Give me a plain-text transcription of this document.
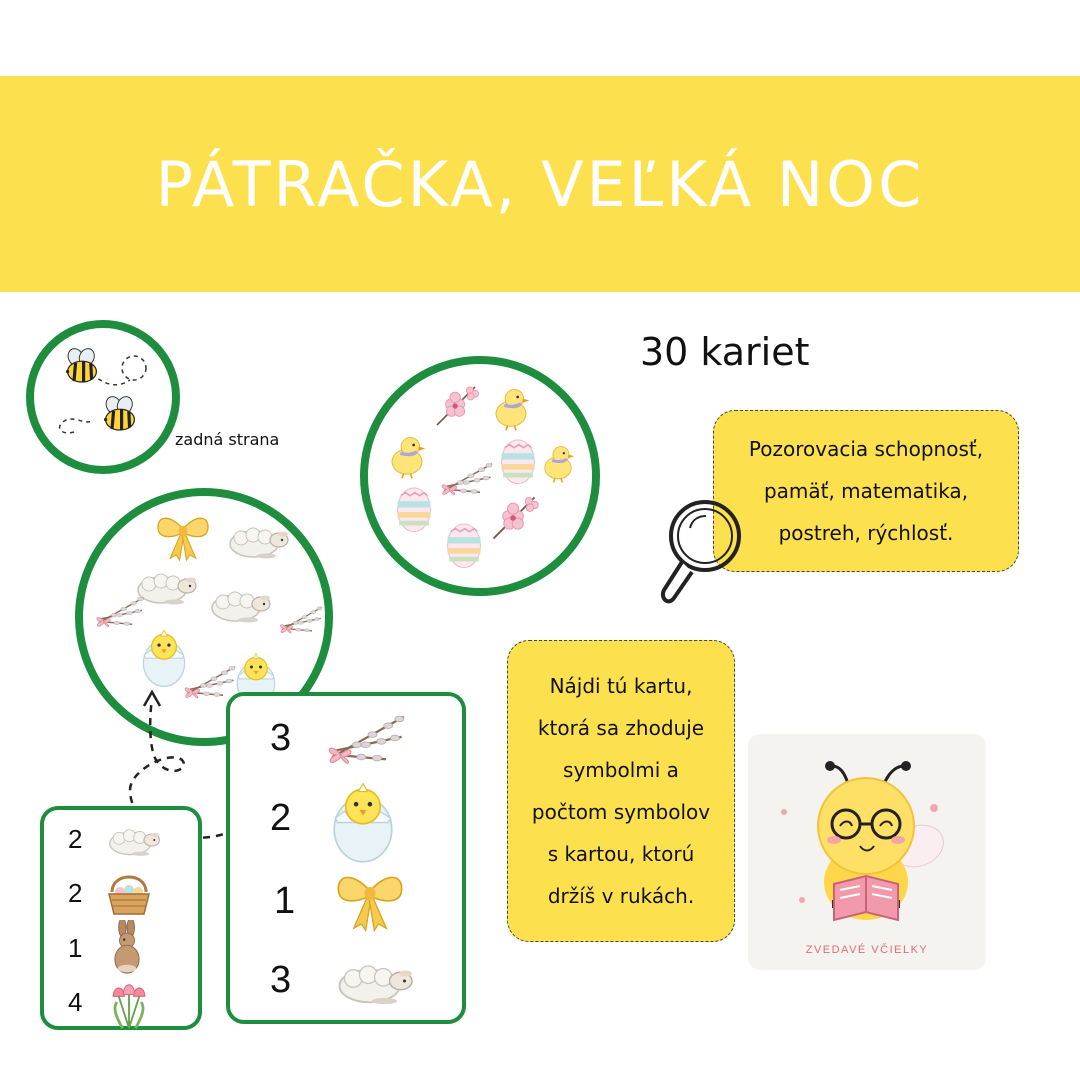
PÁTRAČKA, VEĽKÁ NOC
zadná strana
30 kariet
Pozorovacia schopnosť,
pamäť, matematika,
postreh, rýchlosť.
Nájdi tú kartu,
ktorá sa zhoduje
symbolmi a
počtom symbolov
s kartou, ktorú
držíš v rukách.
2
2
1
4
3
2
1
3
ZVEDAVÉ VČIELKY
